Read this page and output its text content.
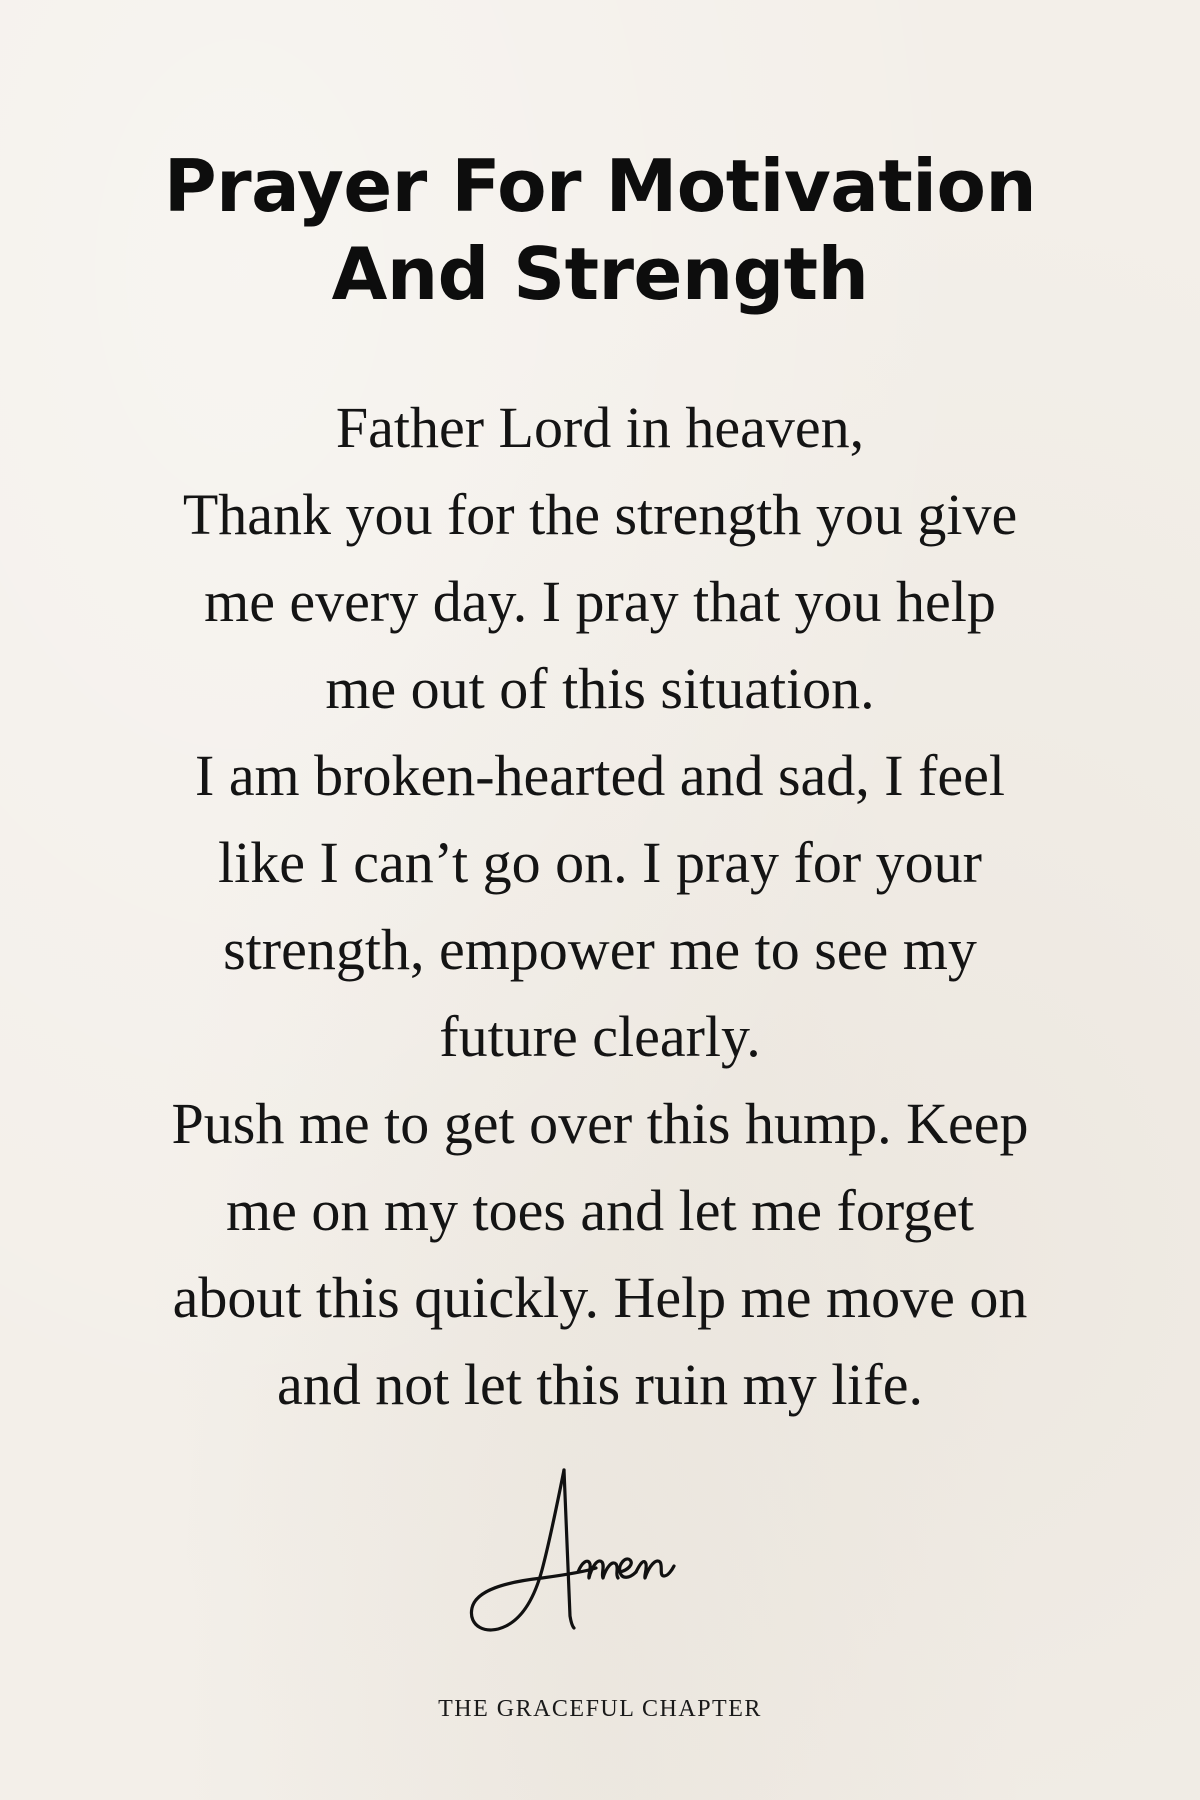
Prayer For Motivation
And Strength
Father Lord in heaven,
Thank you for the strength you give
me every day. I pray that you help
me out of this situation.
I am broken-hearted and sad, I feel
like I can’t go on. I pray for your
strength, empower me to see my
future clearly.
Push me to get over this hump. Keep
me on my toes and let me forget
about this quickly. Help me move on
and not let this ruin my life.
THE GRACEFUL CHAPTER
